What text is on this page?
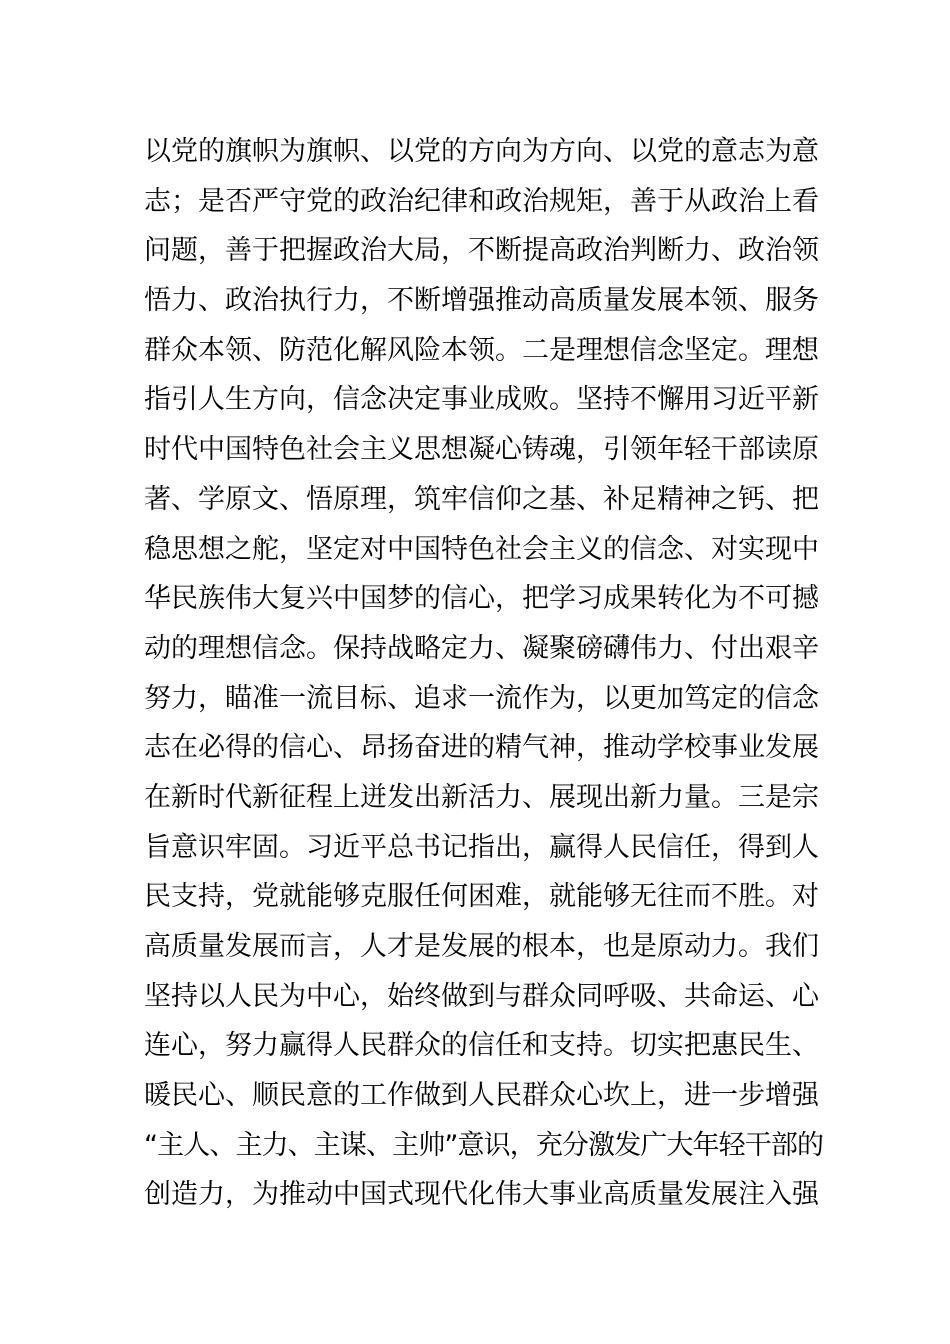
以党的旗帜为旗帜、以党的方向为方向、以党的意志为意
志；是否严守党的政治纪律和政治规矩，善于从政治上看
问题，善于把握政治大局，不断提高政治判断力、政治领
悟力、政治执行力，不断增强推动高质量发展本领、服务
群众本领、防范化解风险本领。二是理想信念坚定。理想
指引人生方向，信念决定事业成败。坚持不懈用习近平新
时代中国特色社会主义思想凝心铸魂，引领年轻干部读原
著、学原文、悟原理，筑牢信仰之基、补足精神之钙、把
稳思想之舵，坚定对中国特色社会主义的信念、对实现中
华民族伟大复兴中国梦的信心，把学习成果转化为不可撼
动的理想信念。保持战略定力、凝聚磅礴伟力、付出艰辛
努力，瞄准一流目标、追求一流作为，以更加笃定的信念
志在必得的信心、昂扬奋进的精气神，推动学校事业发展
在新时代新征程上迸发出新活力、展现出新力量。三是宗
旨意识牢固。习近平总书记指出，赢得人民信任，得到人
民支持，党就能够克服任何困难，就能够无往而不胜。对
高质量发展而言，人才是发展的根本，也是原动力。我们
坚持以人民为中心，始终做到与群众同呼吸、共命运、心
连心，努力赢得人民群众的信任和支持。切实把惠民生、
暖民心、顺民意的工作做到人民群众心坎上，进一步增强
“主人、主力、主谋、主帅”意识，充分激发广大年轻干部的
创造力，为推动中国式现代化伟大事业高质量发展注入强
